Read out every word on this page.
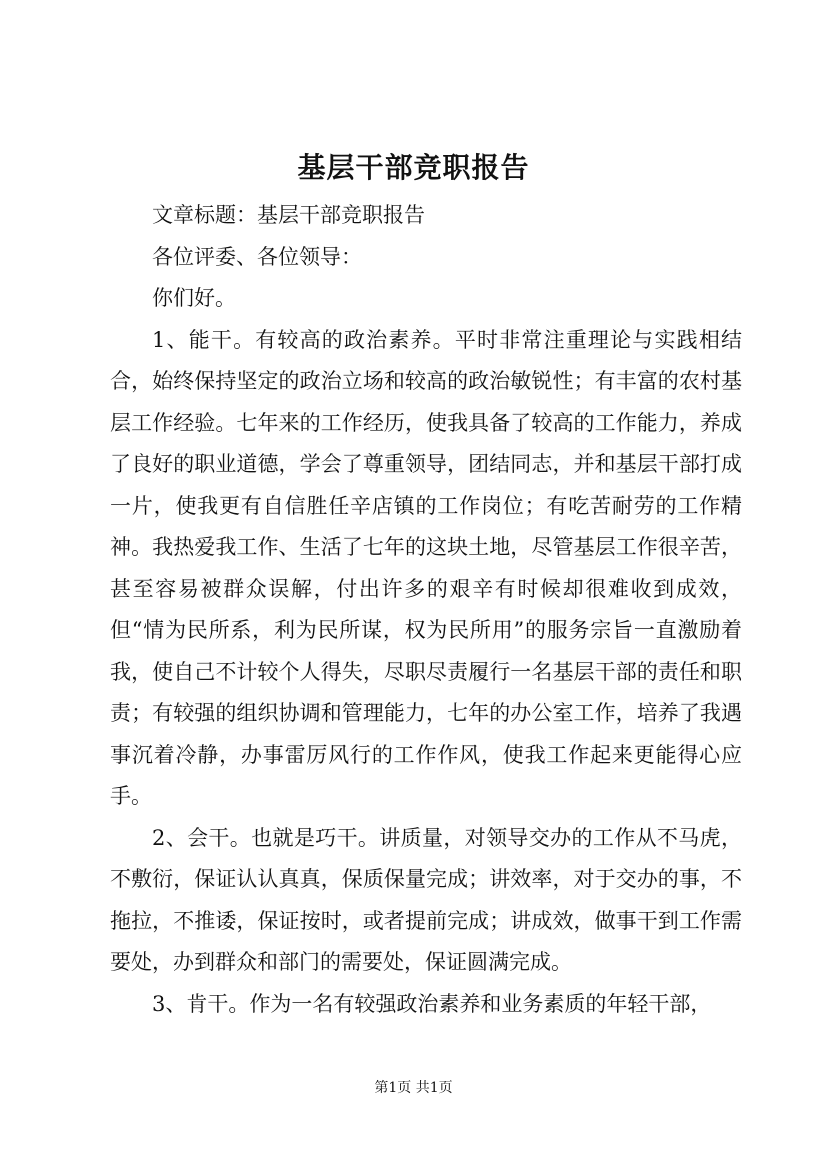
基层干部竞职报告

文章标题：基层干部竞职报告

各位评委、各位领导：

你们好。

1、能干。有较高的政治素养。平时非常注重理论与实践相结合，始终保持坚定的政治立场和较高的政治敏锐性；有丰富的农村基层工作经验。七年来的工作经历，使我具备了较高的工作能力，养成了良好的职业道德，学会了尊重领导，团结同志，并和基层干部打成一片，使我更有自信胜任辛店镇的工作岗位；有吃苦耐劳的工作精神。我热爱我工作、生活了七年的这块土地，尽管基层工作很辛苦，甚至容易被群众误解，付出许多的艰辛有时候却很难收到成效，但“情为民所系，利为民所谋，权为民所用”的服务宗旨一直激励着我，使自己不计较个人得失，尽职尽责履行一名基层干部的责任和职责；有较强的组织协调和管理能力，七年的办公室工作，培养了我遇事沉着冷静，办事雷厉风行的工作作风，使我工作起来更能得心应手。

2、会干。也就是巧干。讲质量，对领导交办的工作从不马虎，不敷衍，保证认认真真，保质保量完成；讲效率，对于交办的事，不拖拉，不推诿，保证按时，或者提前完成；讲成效，做事干到工作需要处，办到群众和部门的需要处，保证圆满完成。

3、肯干。作为一名有较强政治素养和业务素质的年轻干部，

第1页 共1页
